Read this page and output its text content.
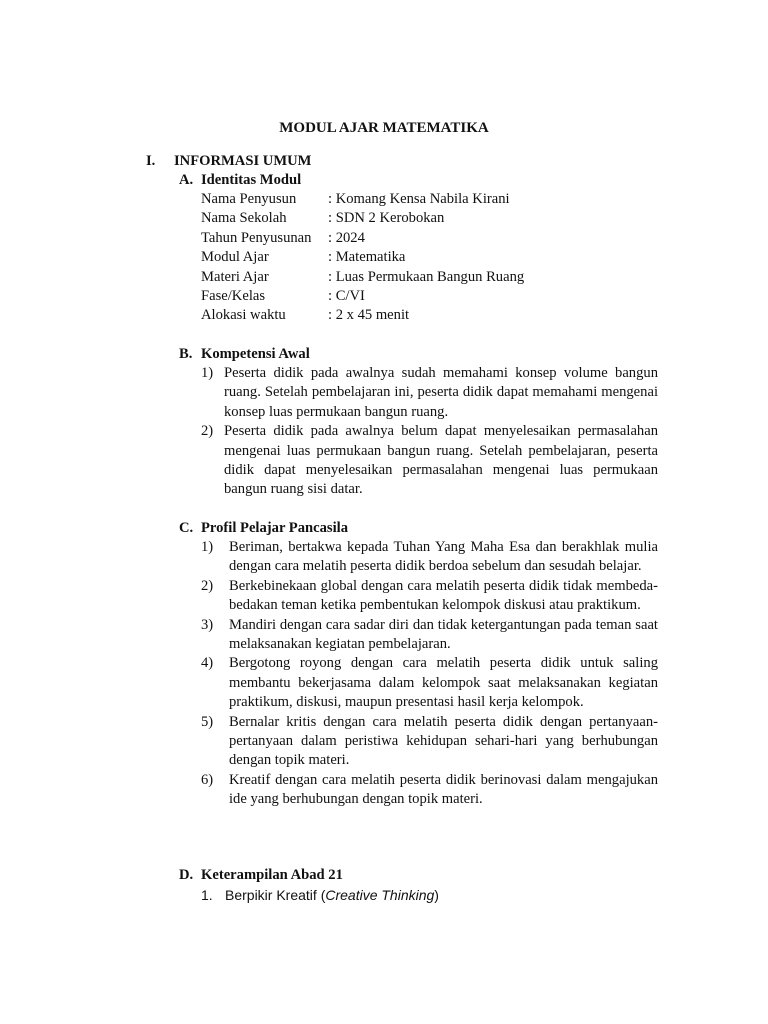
MODUL AJAR MATEMATIKA
I. INFORMASI UMUM
A. Identitas Modul
Nama Penyusun	: Komang Kensa Nabila Kirani
Nama Sekolah	: SDN 2 Kerobokan
Tahun Penyusunan	: 2024
Modul Ajar	: Matematika
Materi Ajar	: Luas Permukaan Bangun Ruang
Fase/Kelas	: C/VI
Alokasi waktu	: 2 x 45 menit
B. Kompetensi Awal
1) Peserta didik pada awalnya sudah memahami konsep volume bangun ruang. Setelah pembelajaran ini, peserta didik dapat memahami mengenai konsep luas permukaan bangun ruang.
2) Peserta didik pada awalnya belum dapat menyelesaikan permasalahan mengenai luas permukaan bangun ruang. Setelah pembelajaran, peserta didik dapat menyelesaikan permasalahan mengenai luas permukaan bangun ruang sisi datar.
C. Profil Pelajar Pancasila
1)	Beriman, bertakwa kepada Tuhan Yang Maha Esa dan berakhlak mulia dengan cara melatih peserta didik berdoa sebelum dan sesudah belajar.
2)	Berkebinekaan global dengan cara melatih peserta didik tidak membeda-bedakan teman ketika pembentukan kelompok diskusi atau praktikum.
3)	Mandiri dengan cara sadar diri dan tidak ketergantungan pada teman saat melaksanakan kegiatan pembelajaran.
4)	Bergotong royong dengan cara melatih peserta didik untuk saling membantu bekerjasama dalam kelompok saat melaksanakan kegiatan praktikum, diskusi, maupun presentasi hasil kerja kelompok.
5)	Bernalar kritis dengan cara melatih peserta didik dengan pertanyaan-pertanyaan dalam peristiwa kehidupan sehari-hari yang berhubungan dengan topik materi.
6)	Kreatif dengan cara melatih peserta didik berinovasi dalam mengajukan ide yang berhubungan dengan topik materi.
D. Keterampilan Abad 21
1. Berpikir Kreatif (Creative Thinking)
